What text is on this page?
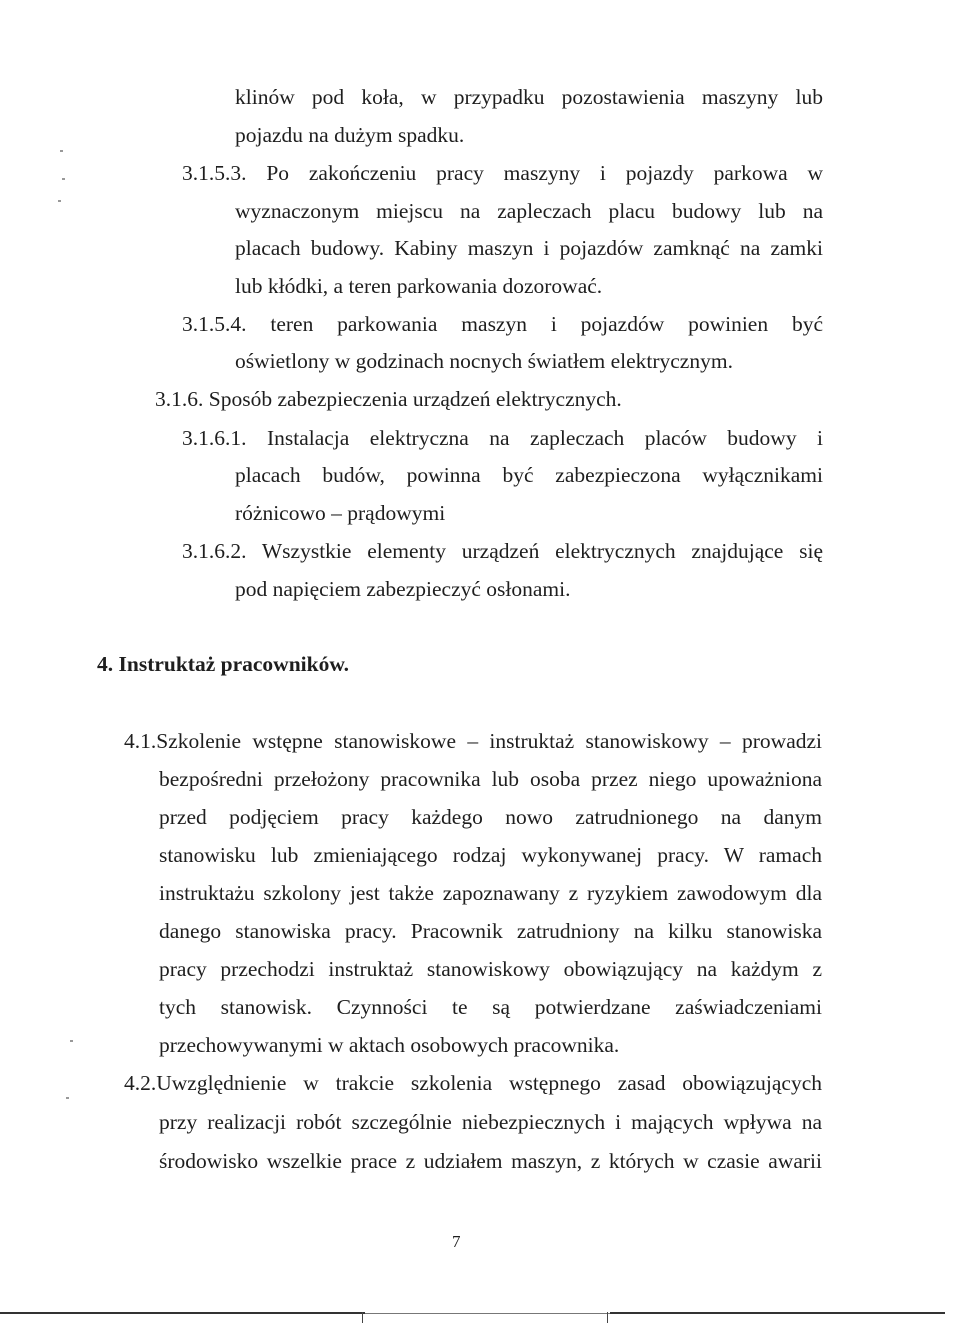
klinów pod koła, w przypadku pozostawienia maszyny lub
pojazdu na dużym spadku.
3.1.5.3. Po zakończeniu pracy maszyny i pojazdy parkowa w
wyznaczonym miejscu na zapleczach placu budowy lub na
placach budowy. Kabiny maszyn i pojazdów zamknąć na zamki
lub kłódki, a teren parkowania dozorować.
3.1.5.4. teren parkowania maszyn i pojazdów powinien być
oświetlony w godzinach nocnych światłem elektrycznym.
3.1.6. Sposób zabezpieczenia urządzeń elektrycznych.
3.1.6.1. Instalacja elektryczna na zapleczach placów budowy i
placach budów, powinna być zabezpieczona wyłącznikami
różnicowo – prądowymi
3.1.6.2. Wszystkie elementy urządzeń elektrycznych znajdujące się
pod napięciem zabezpieczyć osłonami.
4. Instruktaż pracowników.
4.1.Szkolenie wstępne stanowiskowe – instruktaż stanowiskowy – prowadzi
bezpośredni przełożony pracownika lub osoba przez niego upoważniona
przed podjęciem pracy każdego nowo zatrudnionego na danym
stanowisku lub zmieniającego rodzaj wykonywanej pracy. W ramach
instruktażu szkolony jest także zapoznawany z ryzykiem zawodowym dla
danego stanowiska pracy. Pracownik zatrudniony na kilku stanowiska
pracy przechodzi instruktaż stanowiskowy obowiązujący na każdym z
tych stanowisk. Czynności te są potwierdzane zaświadczeniami
przechowywanymi w aktach osobowych pracownika.
4.2.Uwzględnienie w trakcie szkolenia wstępnego zasad obowiązujących
przy realizacji robót szczególnie niebezpiecznych i mających wpływa na
środowisko wszelkie prace z udziałem maszyn, z których w czasie awarii
7
